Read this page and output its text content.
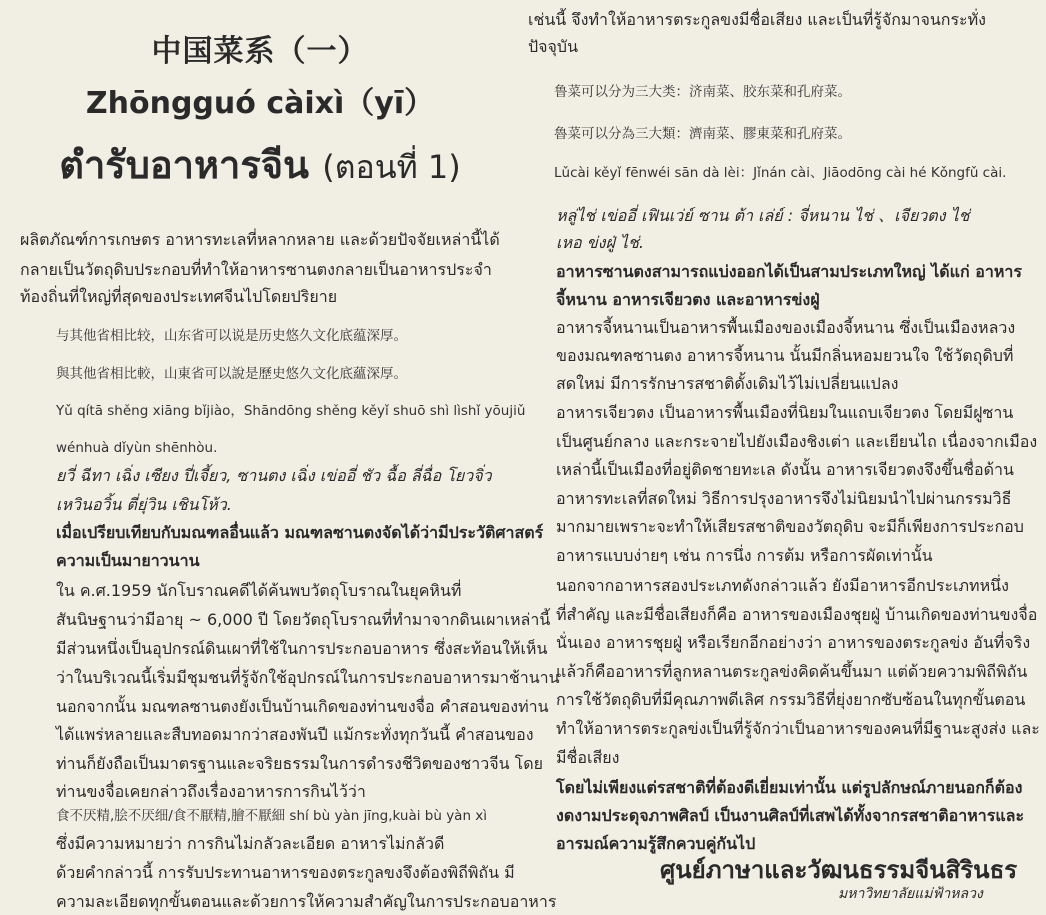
中国菜系（一）
Zhōngguó càixì（yī）
ตำรับอาหารจีน (ตอนที่ 1)
ผลิตภัณฑ์การเกษตร อาหารทะเลที่หลากหลาย และด้วยปัจจัยเหล่านี้ได้
กลายเป็นวัตถุดิบประกอบที่ทำให้อาหารซานตงกลายเป็นอาหารประจำ
ท้องถิ่นที่ใหญ่ที่สุดของประเทศจีนไปโดยปริยาย
与其他省相比较，山东省可以说是历史悠久文化底蕴深厚。
與其他省相比較，山東省可以說是歷史悠久文化底蘊深厚。
Yǔ qítā shěng xiāng bǐjiào，Shāndōng shěng kěyǐ shuō shì lìshǐ yōujiǔ
wénhuà dǐyùn shēnhòu.
ยวี่ ฉีทา เฉิ่ง เซียง ปี่เจี้ยว, ซานตง เฉิ่ง เข่ออี่ ชัว ฉื้อ ลี่ฉื่อ โยวจิ่ว
เหวินอวิ้น ตี่ยุ่วิน เชินโห้ว.
เมื่อเปรียบเทียบกับมณฑลอื่นแล้ว มณฑลซานตงจัดได้ว่ามีประวัติศาสตร์
ความเป็นมายาวนาน
ใน ค.ศ.1959 นักโบราณคดีได้ค้นพบวัตถุโบราณในยุคหินที่
สันนิษฐานว่ามีอายุ ~ 6,000 ปี โดยวัตถุโบราณที่ทำมาจากดินเผาเหล่านี้
มีส่วนหนึ่งเป็นอุปกรณ์ดินเผาที่ใช้ในการประกอบอาหาร ซึ่งสะท้อนให้เห็น
ว่าในบริเวณนี้เริ่มมีชุมชนที่รู้จักใช้อุปกรณ์ในการประกอบอาหารมาช้านาน
นอกจากนั้น มณฑลซานตงยังเป็นบ้านเกิดของท่านขงจื่อ คำสอนของท่าน
ได้แพร่หลายและสืบทอดมากว่าสองพันปี แม้กระทั่งทุกวันนี้ คำสอนของ
ท่านก็ยังถือเป็นมาตรฐานและจริยธรรมในการดำรงชีวิตของชาวจีน โดย
ท่านขงจื่อเคยกล่าวถึงเรื่องอาหารการกินไว้ว่า
食不厌精,脍不厌细/食不厭精,膾不厭細 shí bù yàn jīng,kuài bù yàn xì
ซึ่งมีความหมายว่า การกินไม่กลัวละเอียด อาหารไม่กลัวดี
ด้วยคำกล่าวนี้ การรับประทานอาหารของตระกูลขงจึงต้องพิถีพิถัน มี
ความละเอียดทุกขั้นตอนและด้วยการให้ความสำคัญในการประกอบอาหาร
เช่นนี้ จึงทำให้อาหารตระกูลขงมีชื่อเสียง และเป็นที่รู้จักมาจนกระทั่ง
ปัจจุบัน
鲁菜可以分为三大类：济南菜、胶东菜和孔府菜。
魯菜可以分為三大類：濟南菜、膠東菜和孔府菜。
Lǔcài kěyǐ fēnwéi sān dà lèi：Jǐnán cài、Jiāodōng cài hé Kǒngfǔ cài.
หลู่ไช่ เข่ออี่ เฟินเว่ย์ ซาน ต้า เล่ย์ : จี่หนาน ไช่ 、เจียวตง ไช่
เหอ ข่งฝู่ ไช่.
อาหารซานตงสามารถแบ่งออกได้เป็นสามประเภทใหญ่ ได้แก่ อาหาร
จี้หนาน อาหารเจียวตง และอาหารข่งฝู่
อาหารจี้หนานเป็นอาหารพื้นเมืองของเมืองจี้หนาน ซึ่งเป็นเมืองหลวง
ของมณฑลซานตง อาหารจี้หนาน นั้นมีกลิ่นหอมยวนใจ ใช้วัตถุดิบที่
สดใหม่ มีการรักษารสชาติดั้งเดิมไว้ไม่เปลี่ยนแปลง
อาหารเจียวตง เป็นอาหารพื้นเมืองที่นิยมในแถบเจียวตง โดยมีฝูซาน
เป็นศูนย์กลาง และกระจายไปยังเมืองชิงเต่า และเยียนไถ เนื่องจากเมือง
เหล่านี้เป็นเมืองที่อยู่ติดชายทะเล ดังนั้น อาหารเจียวตงจึงขึ้นชื่อด้าน
อาหารทะเลที่สดใหม่ วิธีการปรุงอาหารจึงไม่นิยมนำไปผ่านกรรมวิธี
มากมายเพราะจะทำให้เสียรสชาติของวัตถุดิบ จะมีก็เพียงการประกอบ
อาหารแบบง่ายๆ เช่น การนึ่ง การต้ม หรือการผัดเท่านั้น
นอกจากอาหารสองประเภทดังกล่าวแล้ว ยังมีอาหารอีกประเภทหนึ่ง
ที่สำคัญ และมีชื่อเสียงก็คือ อาหารของเมืองชุยฝู่ บ้านเกิดของท่านขงจื่อ
นั่นเอง อาหารชุยฝู่ หรือเรียกอีกอย่างว่า อาหารของตระกูลข่ง อันที่จริง
แล้วก็คืออาหารที่ลูกหลานตระกูลข่งคิดค้นขึ้นมา แต่ด้วยความพิถีพิถัน
การใช้วัตถุดิบที่มีคุณภาพดีเลิศ กรรมวิธีที่ยุ่งยากซับซ้อนในทุกขั้นตอน
ทำให้อาหารตระกูลข่งเป็นที่รู้จักว่าเป็นอาหารของคนที่มีฐานะสูงส่ง และ
มีชื่อเสียง
โดยไม่เพียงแต่รสชาติที่ต้องดีเยี่ยมเท่านั้น แต่รูปลักษณ์ภายนอกก็ต้อง
งดงามประดุจภาพศิลป์ เป็นงานศิลป์ที่เสพได้ทั้งจากรสชาติอาหารและ
อารมณ์ความรู้สึกควบคู่กันไป
ศูนย์ภาษาและวัฒนธรรมจีนสิรินธร
มหาวิทยาลัยแม่ฟ้าหลวง
